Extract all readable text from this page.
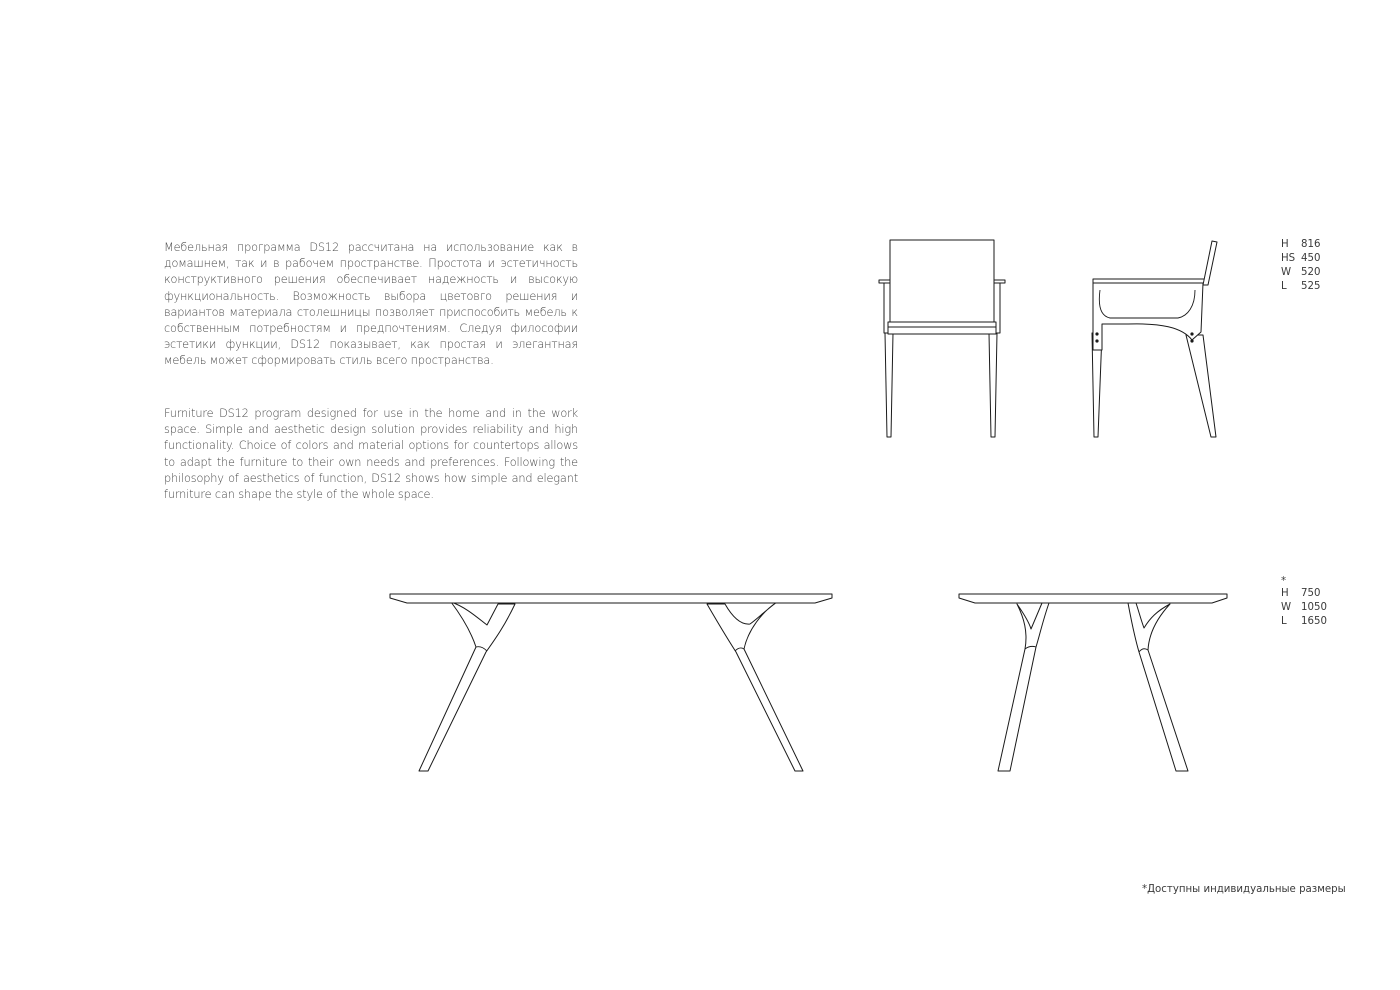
Мебельная программа DS12 рассчитана на использование как в домашнем, так и в рабочем пространстве. Простота и эстетичность конструктивного решения обеспечивает надежность и высокую функциональность. Возможность выбора цветовго решения и вариантов материала столешницы позволяет приспособить мебель к собственным потребностям и предпочтениям. Следуя философии эстетики функции, DS12 показывает, как простая и элегантная мебель может сформировать стиль всего пространства.

Furniture DS12 program designed for use in the home and in the work space. Simple and aesthetic design solution provides reliability and high functionality. Choice of colors and material options for countertops allows to adapt the furniture to their own needs and preferences. Following the philosophy of aesthetics of function, DS12 shows how simple and elegant furniture can shape the style of the whole space.

H	816
HS 450
W 520
L	525
*
H	750
W 1050
L	1650
*Доступны индивидуальные размеры
